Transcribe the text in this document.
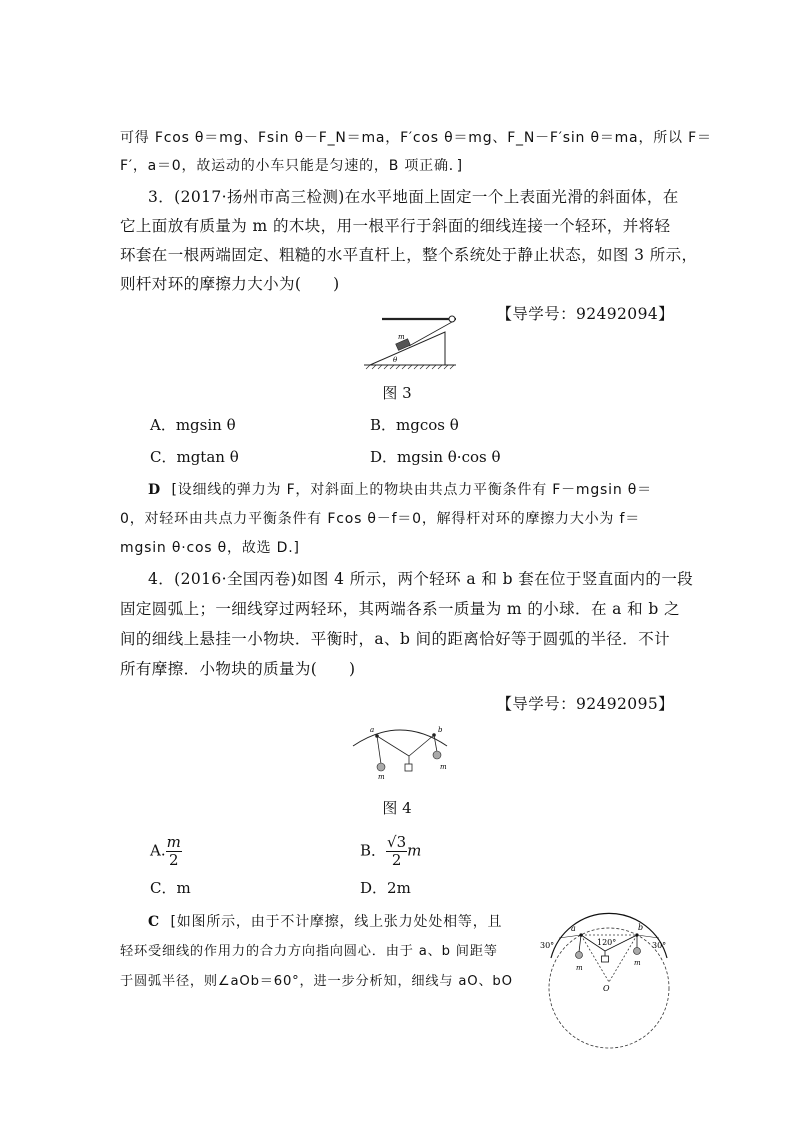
可得 Fcos θ＝mg、Fsin θ－F_N＝ma，F′cos θ＝mg、F_N－F′sin θ＝ma，所以 F＝
F′，a＝0，故运动的小车只能是匀速的，B 项正确．]
3．(2017·扬州市高三检测)在水平地面上固定一个上表面光滑的斜面体，在
它上面放有质量为 m 的木块，用一根平行于斜面的细线连接一个轻环，并将轻
环套在一根两端固定、粗糙的水平直杆上，整个系统处于静止状态，如图 3 所示，
则杆对环的摩擦力大小为(　　)
【导学号：92492094】
m
θ
图 3
A．mgsin θ	B．mgcos θ
C．mgtan θ	D．mgsin θ·cos θ
D [设细线的弹力为 F，对斜面上的物块由共点力平衡条件有 F－mgsin θ＝
0，对轻环由共点力平衡条件有 Fcos θ－f＝0，解得杆对环的摩擦力大小为 f＝
mgsin θ·cos θ，故选 D.]
4．(2016·全国丙卷)如图 4 所示，两个轻环 a 和 b 套在位于竖直面内的一段
固定圆弧上；一细线穿过两轻环，其两端各系一质量为 m 的小球．在 a 和 b 之
间的细线上悬挂一小物块．平衡时，a、b 间的距离恰好等于圆弧的半径．不计
所有摩擦．小物块的质量为(　　)
【导学号：92492095】
a	b
m
m
图 4
A. $\frac{m}{2}$	B． $\frac{√3}{2}$ m
C．m	D．2m
C [如图所示，由于不计摩擦，线上张力处处相等，且
轻环受细线的作用力的合力方向指向圆心．由于 a、b 间距等
于圆弧半径，则∠aOb＝60°，进一步分析知，细线与 aO、bO
a	b
30°	30°
120°
O
m
m
